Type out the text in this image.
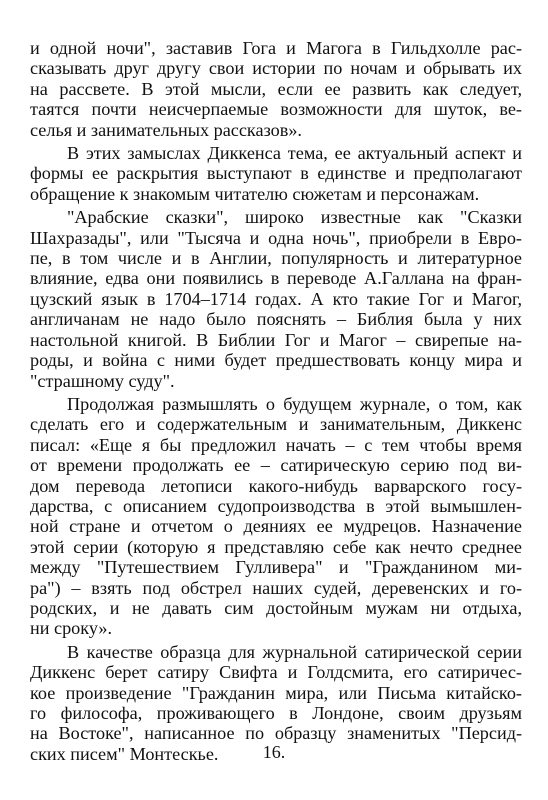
и одной ночи", заставив Гога и Магога в Гильдхолле рас-
сказывать друг другу свои истории по ночам и обрывать их
на рассвете. В этой мысли, если ее развить как следует,
таятся почти неисчерпаемые возможности для шуток, ве-
селья и занимательных рассказов».
В этих замыслах Диккенса тема, ее актуальный аспект и
формы ее раскрытия выступают в единстве и предполагают
обращение к знакомым читателю сюжетам и персонажам.
"Арабские сказки", широко известные как "Сказки
Шахразады", или "Тысяча и одна ночь", приобрели в Евро-
пе, в том числе и в Англии, популярность и литературное
влияние, едва они появились в переводе А.Галлана на фран-
цузский язык в 1704–1714 годах. А кто такие Гог и Магог,
англичанам не надо было пояснять – Библия была у них
настольной книгой. В Библии Гог и Магог – свирепые на-
роды, и война с ними будет предшествовать концу мира и
"страшному суду".
Продолжая размышлять о будущем журнале, о том, как
сделать его и содержательным и занимательным, Диккенс
писал: «Еще я бы предложил начать – с тем чтобы время
от времени продолжать ее – сатирическую серию под ви-
дом перевода летописи какого-нибудь варварского госу-
дарства, с описанием судопроизводства в этой вымышлен-
ной стране и отчетом о деяниях ее мудрецов. Назначение
этой серии (которую я представляю себе как нечто среднее
между "Путешествием Гулливера" и "Гражданином ми-
ра") – взять под обстрел наших судей, деревенских и го-
родских, и не давать сим достойным мужам ни отдыха,
ни сроку».
В качестве образца для журнальной сатирической серии
Диккенс берет сатиру Свифта и Голдсмита, его сатиричес-
кое произведение "Гражданин мира, или Письма китайско-
го философа, проживающего в Лондоне, своим друзьям
на Востоке", написанное по образцу знаменитых "Персид-
ских писем" Монтескье.	16.
